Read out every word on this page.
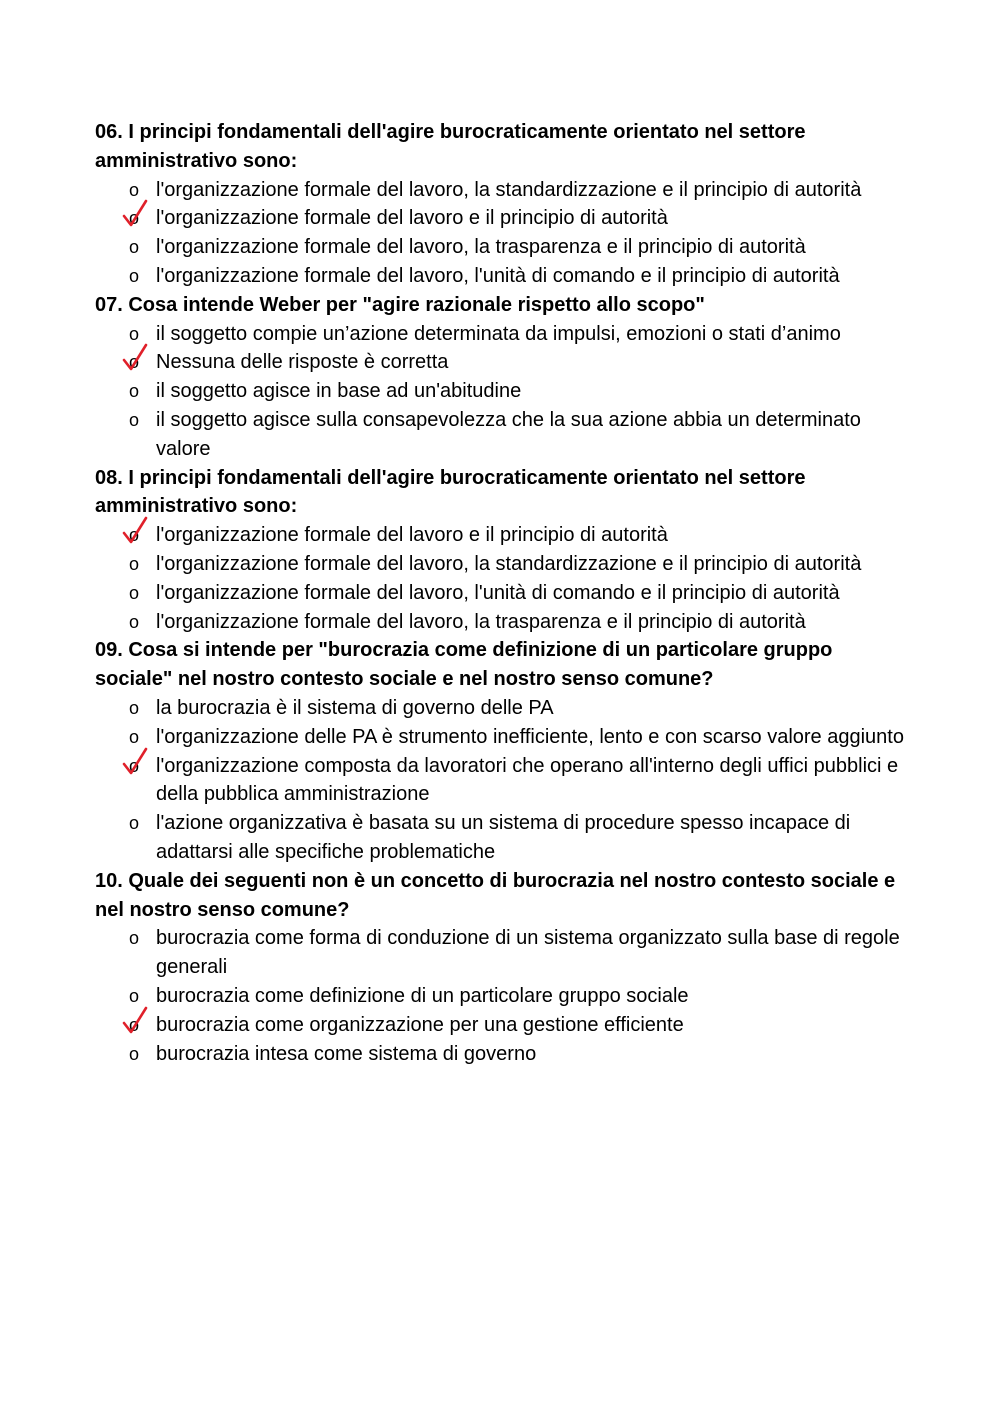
06. I principi fondamentali dell'agire burocraticamente orientato nel settore amministrativo sono:

o l'organizzazione formale del lavoro, la standardizzazione e il principio di autorità
o l'organizzazione formale del lavoro e il principio di autorità
o l'organizzazione formale del lavoro, la trasparenza e il principio di autorità
o l'organizzazione formale del lavoro, l'unità di comando e il principio di autorità

07. Cosa intende Weber per "agire razionale rispetto allo scopo"

o il soggetto compie un’azione determinata da impulsi, emozioni o stati d’animo
o Nessuna delle risposte è corretta
o il soggetto agisce in base ad un'abitudine
o il soggetto agisce sulla consapevolezza che la sua azione abbia un determinato valore

08. I principi fondamentali dell'agire burocraticamente orientato nel settore amministrativo sono:

o l'organizzazione formale del lavoro e il principio di autorità
o l'organizzazione formale del lavoro, la standardizzazione e il principio di autorità
o l'organizzazione formale del lavoro, l'unità di comando e il principio di autorità
o l'organizzazione formale del lavoro, la trasparenza e il principio di autorità

09. Cosa si intende per "burocrazia come definizione di un particolare gruppo sociale" nel nostro contesto sociale e nel nostro senso comune?

o la burocrazia è il sistema di governo delle PA
o l'organizzazione delle PA è strumento inefficiente, lento e con scarso valore aggiunto
o l'organizzazione composta da lavoratori che operano all'interno degli uffici pubblici e della pubblica amministrazione
o l'azione organizzativa è basata su un sistema di procedure spesso incapace di adattarsi alle specifiche problematiche

10. Quale dei seguenti non è un concetto di burocrazia nel nostro contesto sociale e nel nostro senso comune?

o burocrazia come forma di conduzione di un sistema organizzato sulla base di regole generali
o burocrazia come definizione di un particolare gruppo sociale
o burocrazia come organizzazione per una gestione efficiente
o burocrazia intesa come sistema di governo
